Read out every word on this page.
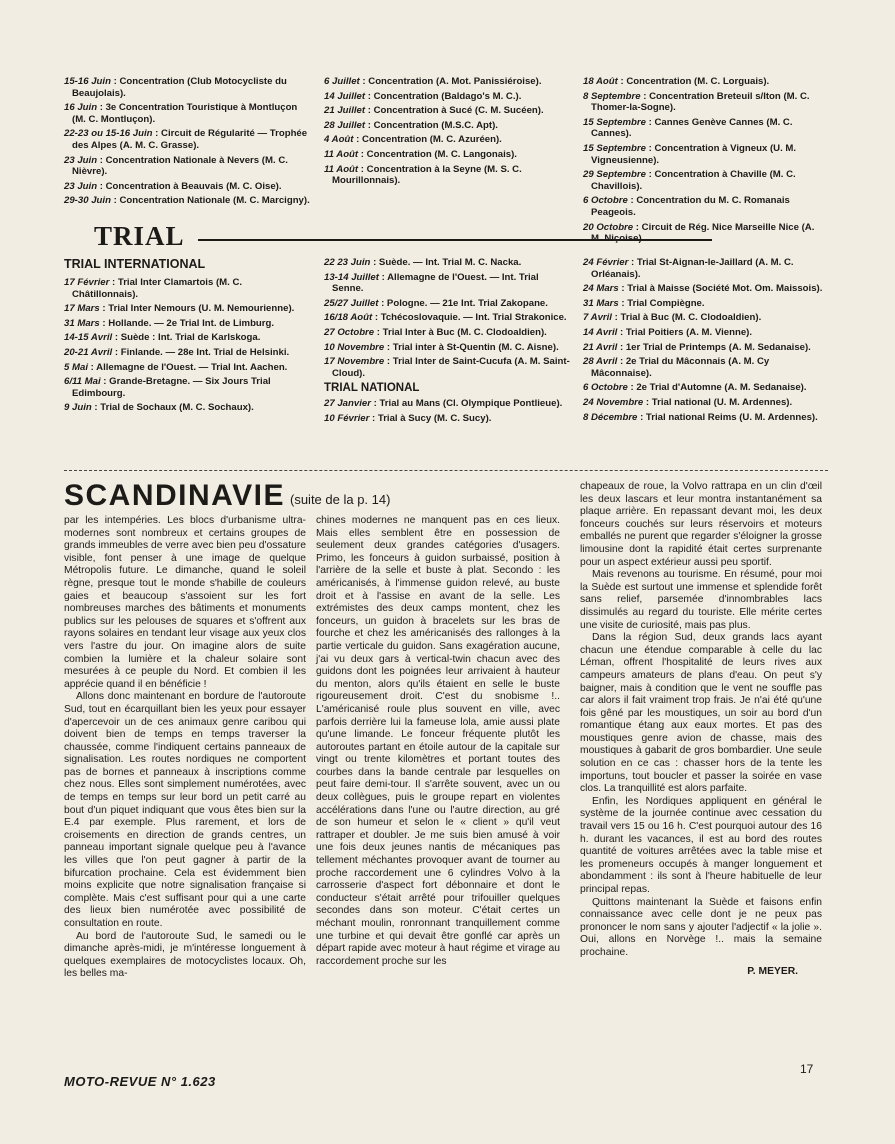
15-16 Juin : Concentration (Club Motocycliste du Beaujolais).
16 Juin : 3e Concentration Touristique à Montluçon (M. C. Montluçon).
22-23 ou 15-16 Juin : Circuit de Régularité — Trophée des Alpes (A. M. C. Grasse).
23 Juin : Concentration Nationale à Nevers (M. C. Nièvre).
23 Juin : Concentration à Beauvais (M. C. Oise).
29-30 Juin : Concentration Nationale (M. C. Marcigny).
6 Juillet : Concentration (A. Mot. Panissiéroise).
14 Juillet : Concentration (Baldago's M. C.).
21 Juillet : Concentration à Sucé (C. M. Sucéen).
28 Juillet : Concentration (M.S.C. Apt).
4 Août : Concentration (M. C. Azuréen).
11 Août : Concentration (M. C. Langonais).
11 Août : Concentration à la Seyne (M. S. C. Mourillonnais).
18 Août : Concentration (M. C. Lorguais).
8 Septembre : Concentration Breteuil s/Iton (M. C. Thomer-la-Sogne).
15 Septembre : Cannes Genève Cannes (M. C. Cannes).
15 Septembre : Concentration à Vigneux (U. M. Vigneusienne).
29 Septembre : Concentration à Chaville (M. C. Chavillois).
6 Octobre : Concentration du M. C. Romanais Peageois.
20 Octobre : Circuit de Rég. Nice Marseille Nice (A.
TRIAL
TRIAL INTERNATIONAL
17 Février : Trial Inter Clamartois (M. C. Châtillonnais).
17 Mars : Trial Inter Nemours (U. M. Nemourienne).
31 Mars : Hollande. — 2e Trial Int. de Limburg.
14-15 Avril : Suède : Int. Trial de Karlskoga.
20-21 Avril : Finlande. — 28e Int. Trial de Helsinki.
5 Mai : Allemagne de l'Ouest. — Trial Int. Aachen.
6/11 Mai : Grande-Bretagne. — Six Jours Trial Edimbourg.
9 Juin : Trial de Sochaux (M. C. Sochaux).
22 23 Juin : Suède. — Int. Trial M. C. Nacka.
13-14 Juillet : Allemagne de l'Ouest. — Int. Trial Senne.
25/27 Juillet : Pologne. — 21e Int. Trial Zakopane.
16/18 Août : Tchécoslovaquie. — Int. Trial Strakonice.
27 Octobre : Trial Inter à Buc (M. C. Clodoaldien).
10 Novembre : Trial inter à St-Quentin (M. C. Aisne).
17 Novembre : Trial Inter de Saint-Cucufa (A. M. Saint-Cloud).
TRIAL NATIONAL
27 Janvier : Trial au Mans (Cl. Olympique Pontlieue).
10 Février : Trial à Sucy (M. C. Sucy).
24 Février : Trial St-Aignan-le-Jaillard (A. M. C. Orléanais).
24 Mars : Trial à Maisse (Société Mot. Om. Maissois).
31 Mars : Trial Compiègne.
7 Avril : Trial à Buc (M. C. Clodoaldien).
14 Avril : Trial Poitiers (A. M. Vienne).
21 Avril : 1er Trial de Printemps (A. M. Sedanaise).
28 Avril : 2e Trial du Mâconnais (A. M. Cy Mâconnaise).
6 Octobre : 2e Trial d'Automne (A. M. Sedanaise).
24 Novembre : Trial national (U. M. Ardennes).
8 Décembre : Trial national Reims (U. M. Ardennes).
SCANDINAVIE (suite de la p. 14)

par les intempéries. Les blocs d'urbanisme ultra-modernes sont nombreux et certains groupes de grands immeubles de verre avec bien peu d'ossature visible, font penser à une image de quelque Métropolis future. Le dimanche, quand le soleil règne, presque tout le monde s'habille de couleurs gaies et beaucoup s'assoient sur les fort nombreuses marches des bâtiments et monuments publics sur les pelouses de squares et s'offrent aux rayons solaires en tendant leur visage aux yeux clos vers l'astre du jour. On imagine alors de suite combien la lumière et la chaleur solaire sont mesurées à ce peuple du Nord. Et combien il les apprécie quand il en bénéficie !

Allons donc maintenant en bordure de l'autoroute Sud, tout en écarquillant bien les yeux pour essayer d'apercevoir un de ces animaux genre caribou qui doivent bien de temps en temps traverser la chaussée, comme l'indiquent certains panneaux de signalisation. Les routes nordiques ne comportent pas de bornes et panneaux à inscriptions comme chez nous. Elles sont simplement numérotées, avec de temps en temps sur leur bord un petit carré au bout d'un piquet indiquant que vous êtes bien sur la E.4 par exemple. Plus rarement, et lors de croisements en direction de grands centres, un panneau important signale quelque peu à l'avance les villes que l'on peut gagner à partir de la bifurcation prochaine. Cela est évidemment bien moins explicite que notre signalisation française si complète. Mais c'est suffisant pour qui a une carte des lieux bien numérotée avec possibilité de consultation en route.

Au bord de l'autoroute Sud, le samedi ou le dimanche après-midi, je m'intéresse longuement à quelques exemplaires de motocyclistes locaux. Oh, les belles ma-

chines modernes ne manquent pas en ces lieux. Mais elles semblent être en possession de seulement deux grandes catégories d'usagers. Primo, les fonceurs à guidon surbaissé, position à l'arrière de la selle et buste à plat. Secondo : les américanisés, à l'immense guidon relevé, au buste droit et à l'assise en avant de la selle. Les extrémistes des deux camps montent, chez les fonceurs, un guidon à bracelets sur les bras de fourche et chez les américanisés des rallonges à la partie verticale du guidon. Sans exagération aucune, j'ai vu deux gars à vertical-twin chacun avec des guidons dont les poignées leur arrivaient à hauteur du menton, alors qu'ils étaient en selle le buste rigoureusement droit. C'est du snobisme !.. L'américanisé roule plus souvent en ville, avec parfois derrière lui la fameuse lola, amie aussi plate qu'une limande. Le fonceur fréquente plutôt les autoroutes partant en étoile autour de la capitale sur vingt ou trente kilomètres et portant toutes des courbes dans la bande centrale par lesquelles on peut faire demi-tour. Il s'arrête souvent, avec un ou deux collègues, puis le groupe repart en violentes accélérations dans l'une ou l'autre direction, au gré de son humeur et selon le « client » qu'il veut rattraper et doubler. Je me suis bien amusé à voir une fois deux jeunes nantis de mécaniques pas tellement méchantes provoquer avant de tourner au proche raccordement une 6 cylindres Volvo à la carrosserie d'aspect fort débonnaire et dont le conducteur s'était arrêté pour trifouiller quelques secondes dans son moteur. C'était certes un méchant moulin, ronronnant tranquillement comme une turbine et qui devait être gonflé car après un départ rapide avec moteur à haut régime et virage au raccordement proche sur les

chapeaux de roue, la Volvo rattrapa en un clin d'œil les deux lascars et leur montra instantanément sa plaque arrière. En repassant devant moi, les deux fonceurs couchés sur leurs réservoirs et moteurs emballés ne purent que regarder s'éloigner la grosse limousine dont la rapidité était certes surprenante pour un aspect extérieur aussi peu sportif.

Mais revenons au tourisme. En résumé, pour moi la Suède est surtout une immense et splendide forêt sans relief, parsemée d'innombrables lacs dissimulés au regard du touriste. Elle mérite certes une visite de curiosité, mais pas plus.

Dans la région Sud, deux grands lacs ayant chacun une étendue comparable à celle du lac Léman, offrent l'hospitalité de leurs rives aux campeurs amateurs de plans d'eau. On peut s'y baigner, mais à condition que le vent ne souffle pas car alors il fait vraiment trop frais. Je n'ai été qu'une fois gêné par les moustiques, un soir au bord d'un romantique étang aux eaux mortes. Et pas des moustiques genre avion de chasse, mais des moustiques à gabarit de gros bombardier. Une seule solution en ce cas : chasser hors de la tente les importuns, tout boucler et passer la soirée en vase clos. La tranquillité est alors parfaite.

Enfin, les Nordiques appliquent en général le système de la journée continue avec cessation du travail vers 15 ou 16 h. C'est pourquoi autour des 16 h. durant les vacances, il est au bord des routes quantité de voitures arrêtées avec la table mise et les promeneurs occupés à manger longuement et abondamment : ils sont à l'heure habituelle de leur principal repas.

Quittons maintenant la Suède et faisons enfin connaissance avec celle dont je ne peux pas prononcer le nom sans y ajouter l'adjectif « la jolie ». Oui, allons en Norvège !.. mais la semaine prochaine.

P. MEYER.
MOTO-REVUE N° 1.623
17
